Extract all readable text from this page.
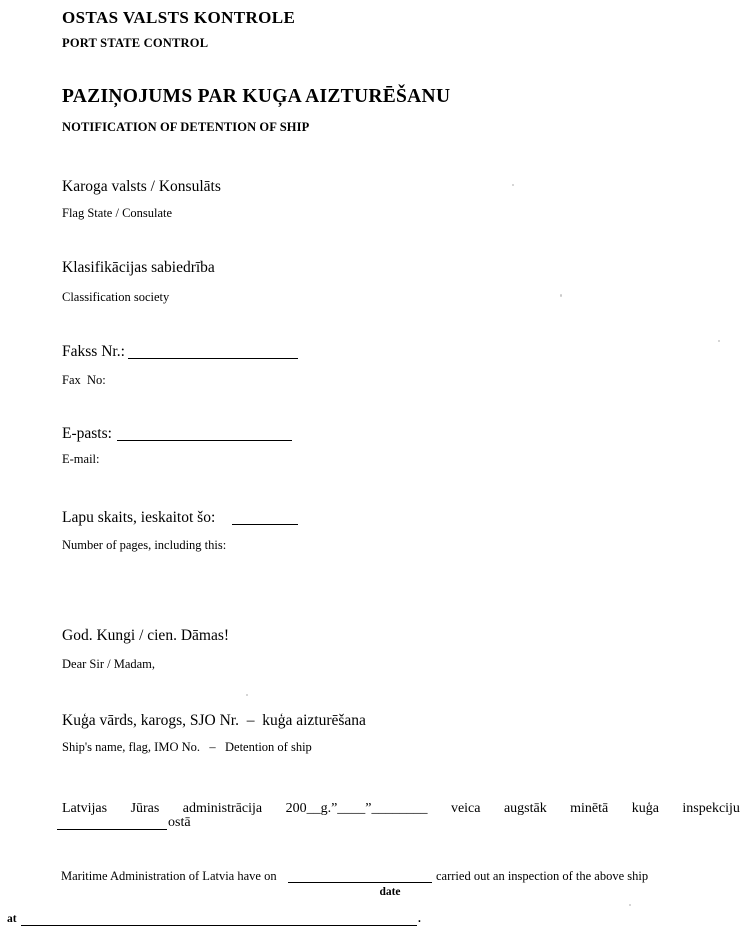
OSTAS VALSTS KONTROLE
PORT STATE CONTROL
PAZIŅOJUMS PAR KUĢA AIZTURĒŠANU
NOTIFICATION OF DETENTION OF SHIP
Karoga valsts / Konsulāts
Flag State / Consulate
Klasifikācijas sabiedrība
Classification society
Fakss Nr.:
Fax  No:
E-pasts:
E-mail:
Lapu skaits, ieskaitot šo:
Number of pages, including this:
God. Kungi / cien. Dāmas!
Dear Sir / Madam,
Kuģa vārds, karogs, SJO Nr.  –  kuģa aizturēšana
Ship's name, flag, IMO No.   –   Detention of ship
Latvijas Jūras administrācija 200__g.”____”________ veica augstāk minētā kuģa inspekciju
ostā
Maritime Administration of Latvia have on
date
carried out an inspection of the above ship
at	.
